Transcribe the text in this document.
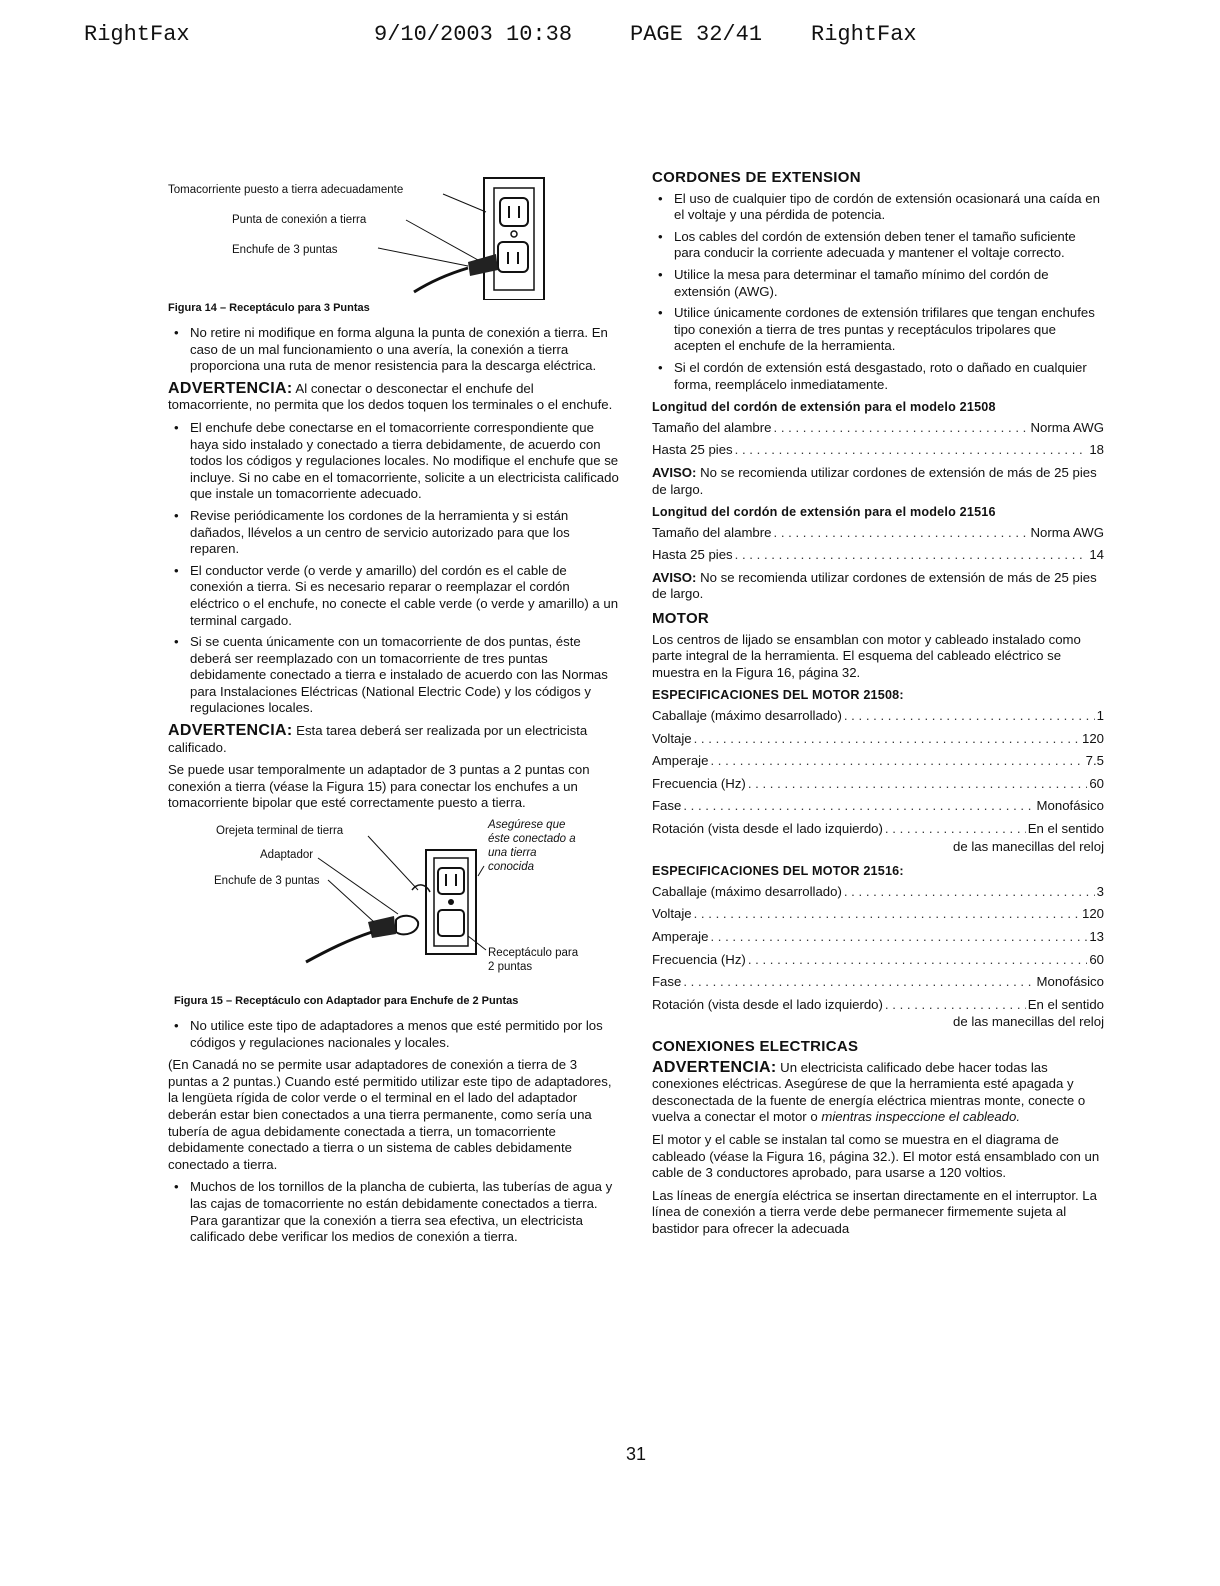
RightFax

	9/10/2003 10:38

	PAGE 32/41

RightFax

Tomacorriente puesto a tierra adecuadamente
Punta de conexión a tierra
Enchufe de 3 puntas
Figura 14 – Receptáculo para 3 Puntas
• No retire ni modifique en forma alguna la punta de conexión a tierra. En caso de un mal funcionamiento o una avería, la conexión a tierra proporciona una ruta de menor resistencia para la descarga eléctrica.

ADVERTENCIA: Al conectar o desconectar el enchufe del tomacorriente, no permita que los dedos toquen los terminales o el enchufe.

• El enchufe debe conectarse en el tomacorriente correspondiente que haya sido instalado y conectado a tierra debidamente, de acuerdo con todos los códigos y regulaciones locales. No modifique el enchufe que se incluye. Si no cabe en el tomacorriente, solicite a un electricista calificado que instale un tomacorriente adecuado.
• Revise periódicamente los cordones de la herramienta y si están dañados, llévelos a un centro de servicio autorizado para que los reparen.
• El conductor verde (o verde y amarillo) del cordón es el cable de conexión a tierra. Si es necesario reparar o reemplazar el cordón eléctrico o el enchufe, no conecte el cable verde (o verde y amarillo) a un terminal cargado.
• Si se cuenta únicamente con un tomacorriente de dos puntas, éste deberá ser reemplazado con un tomacorriente de tres puntas debidamente conectado a tierra e instalado de acuerdo con las Normas para Instalaciones Eléctricas (National Electric Code) y los códigos y regulaciones locales.

ADVERTENCIA: Esta tarea deberá ser realizada por un electricista calificado.

Se puede usar temporalmente un adaptador de 3 puntas a 2 puntas con conexión a tierra (véase la Figura 15) para conectar los enchufes a un tomacorriente bipolar que esté correctamente puesto a tierra.

Orejeta terminal de tierra
Adaptador
Enchufe de 3 puntas
Asegúrese que éste conectado a una tierra conocida
Receptáculo para 2 puntas
Figura 15 – Receptáculo con Adaptador para Enchufe de 2 Puntas
• No utilice este tipo de adaptadores a menos que esté permitido por los códigos y regulaciones nacionales y locales.

(En Canadá no se permite usar adaptadores de conexión a tierra de 3 puntas a 2 puntas.) Cuando esté permitido utilizar este tipo de adaptadores, la lengüeta rígida de color verde o el terminal en el lado del adaptador deberán estar bien conectados a una tierra permanente, como sería una tubería de agua debidamente conectada a tierra, un tomacorriente debidamente conectado a tierra o un sistema de cables debidamente conectado a tierra.

• Muchos de los tornillos de la plancha de cubierta, las tuberías de agua y las cajas de tomacorriente no están debidamente conectados a tierra. Para garantizar que la conexión a tierra sea efectiva, un electricista calificado debe verificar los medios de conexión a tierra.
CORDONES DE EXTENSION
• El uso de cualquier tipo de cordón de extensión ocasionará una caída en el voltaje y una pérdida de potencia.
• Los cables del cordón de extensión deben tener el tamaño suficiente para conducir la corriente adecuada y mantener el voltaje correcto.
• Utilice la mesa para determinar el tamaño mínimo del cordón de extensión (AWG).
• Utilice únicamente cordones de extensión trifilares que tengan enchufes tipo conexión a tierra de tres puntas y receptáculos tripolares que acepten el enchufe de la herramienta.
• Si el cordón de extensión está desgastado, roto o dañado en cualquier forma, reemplácelo inmediatamente.
Longitud del cordón de extensión para el modelo 21508
Tamaño del alambre . . .	Norma AWG
Hasta 25 pies . . .	18

AVISO: No se recomienda utilizar cordones de extensión de más de 25 pies de largo.

Longitud del cordón de extensión para el modelo 21516
Tamaño del alambre . . .	Norma AWG
Hasta 25 pies . . .	14

AVISO: No se recomienda utilizar cordones de extensión de más de 25 pies de largo.

MOTOR

Los centros de lijado se ensamblan con motor y cableado instalado como parte integral de la herramienta. El esquema del cableado eléctrico se muestra en la Figura 16, página 32.

ESPECIFICACIONES DEL MOTOR 21508:
Caballaje (máximo desarrollado) . . .	1
Voltaje . . .	120
Amperaje . . .	7.5
Frecuencia (Hz) . . .	60
Fase . . .	Monofásico
Rotación (vista desde el lado izquierdo) . . .	En el sentido
de las manecillas del reloj
ESPECIFICACIONES DEL MOTOR 21516:
Caballaje (máximo desarrollado) . . .	3
Voltaje . . .	120
Amperaje . . .	13
Frecuencia (Hz) . . .	60
Fase . . .	Monofásico
Rotación (vista desde el lado izquierdo) . . .	En el sentido
de las manecillas del reloj
CONEXIONES ELECTRICAS

ADVERTENCIA: Un electricista calificado debe hacer todas las conexiones eléctricas. Asegúrese de que la herramienta esté apagada y desconectada de la fuente de energía eléctrica mientras monte, conecte o vuelva a conectar el motor o mientras inspeccione el cableado.

El motor y el cable se instalan tal como se muestra en el diagrama de cableado (véase la Figura 16, página 32.). El motor está ensamblado con un cable de 3 conductores aprobado, para usarse a 120 voltios.

Las líneas de energía eléctrica se insertan directamente en el interruptor. La línea de conexión a tierra verde debe permanecer firmemente sujeta al bastidor para ofrecer la adecuada

31
